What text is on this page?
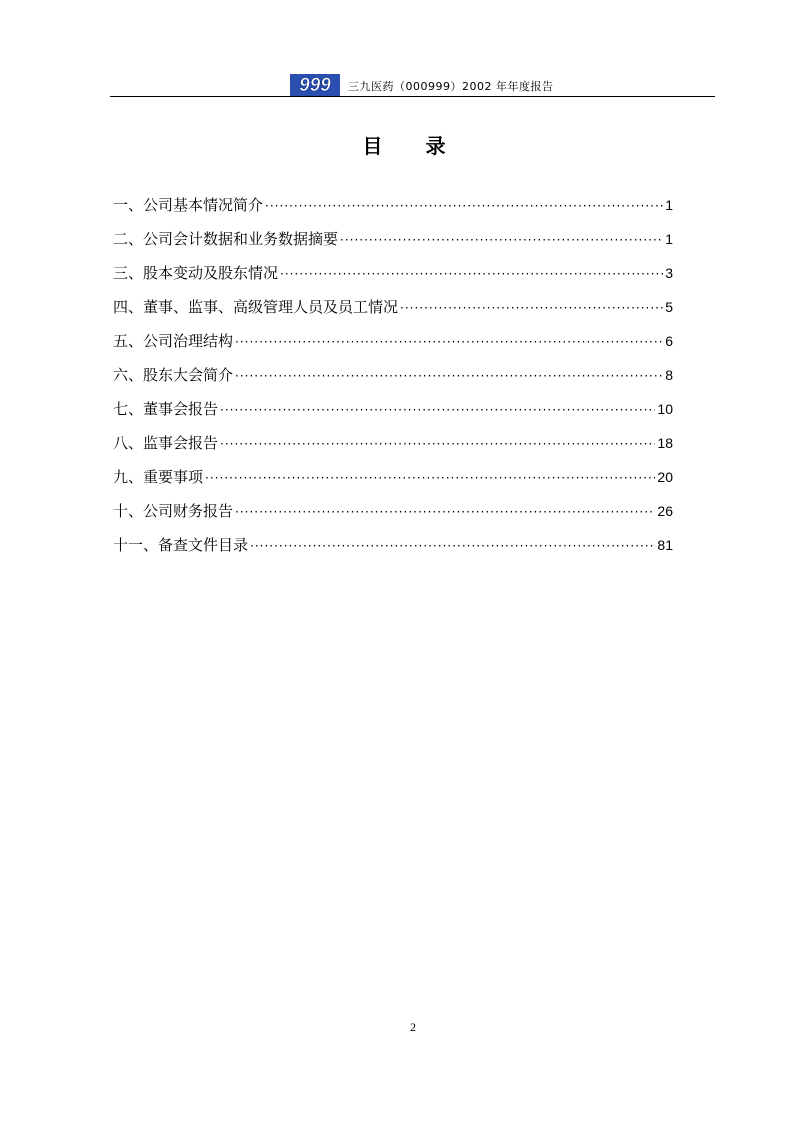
999 三九医药（000999）2002 年年度报告
目 录
一、公司基本情况简介 ·····	1
二、公司会计数据和业务数据摘要 ·····	1
三、股本变动及股东情况 ·····	3
四、董事、监事、高级管理人员及员工情况 ·····	5
五、公司治理结构 ·····	6
六、股东大会简介 ·····	8
七、董事会报告 ·····	10
八、监事会报告 ·····	18
九、重要事项 ·····	20
十、公司财务报告 ·····	26
十一、备查文件目录 ·····	81
2
